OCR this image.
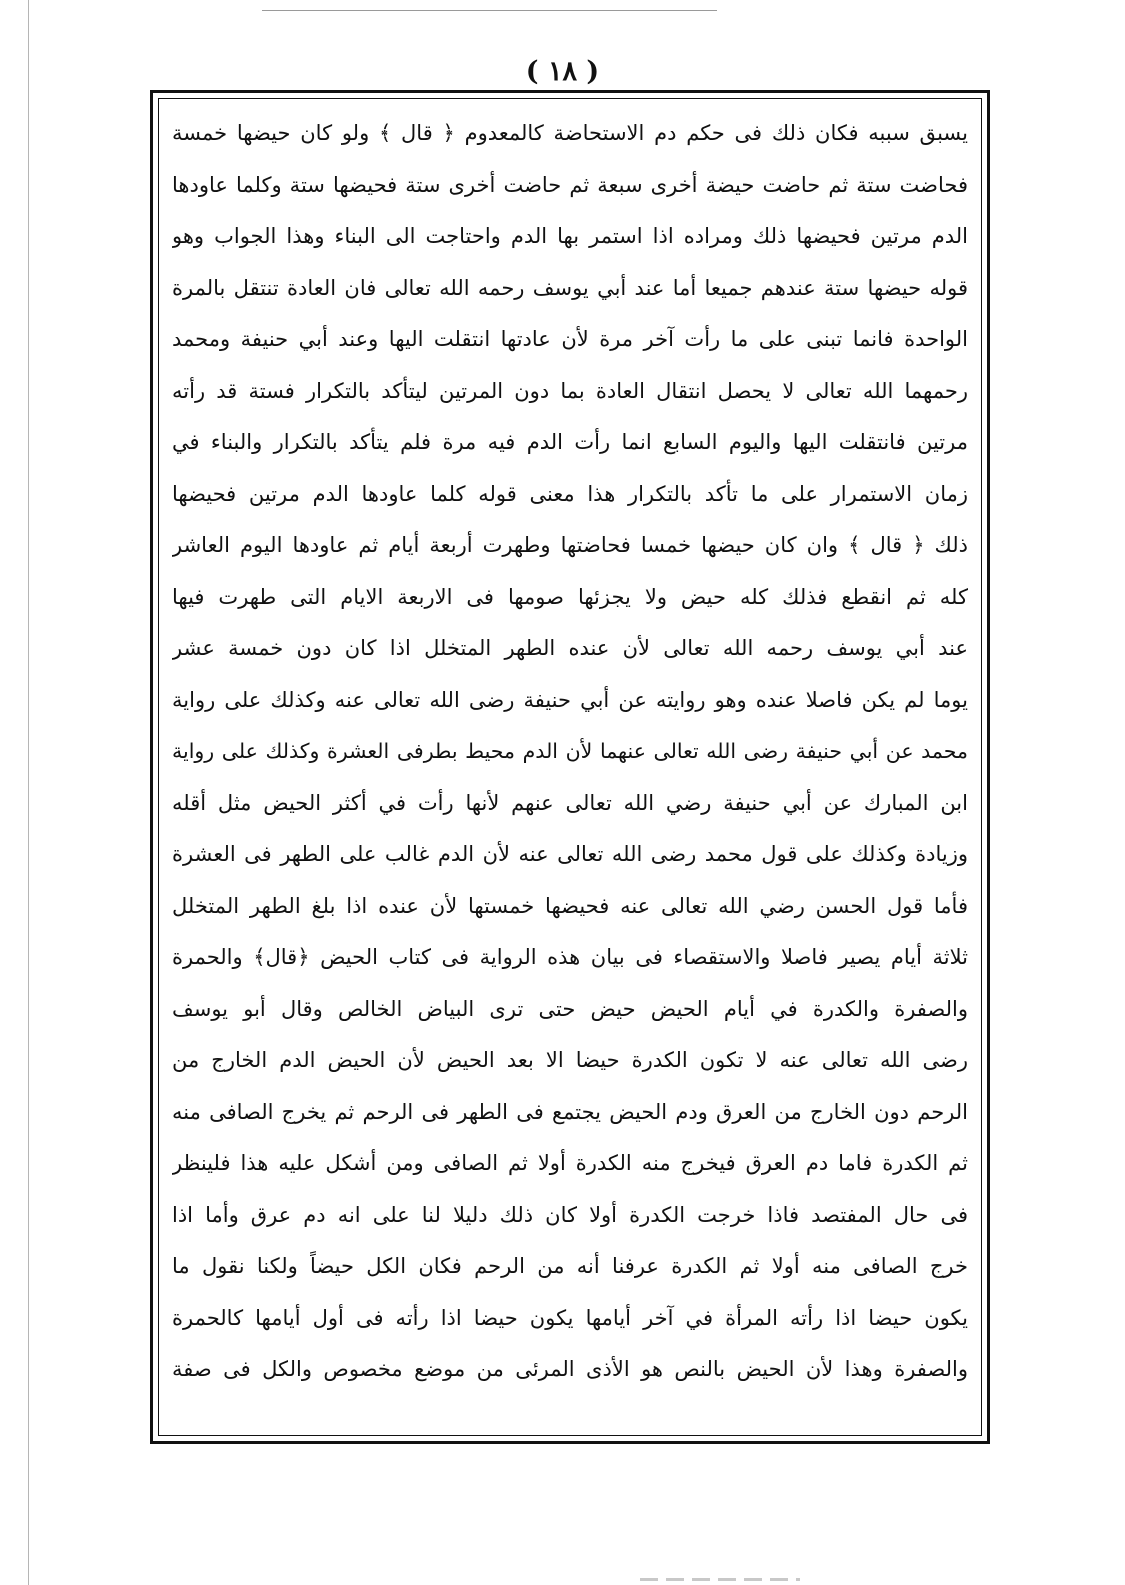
( ١٨ )
يسبق سببه فكان ذلك فى حكم دم الاستحاضة كالمعدوم ﴿ قال ﴾ ولو كان حيضها خمسة
فحاضت ستة ثم حاضت حيضة أخرى سبعة ثم حاضت أخرى ستة فحيضها ستة وكلما عاودها
الدم مرتين فحيضها ذلك ومراده اذا استمر بها الدم واحتاجت الى البناء وهذا الجواب وهو
قوله حيضها ستة عندهم جميعا أما عند أبي يوسف رحمه الله تعالى فان العادة تنتقل بالمرة
الواحدة فانما تبنى على ما رأت آخر مرة لأن عادتها انتقلت اليها وعند أبي حنيفة ومحمد
رحمهما الله تعالى لا يحصل انتقال العادة بما دون المرتين ليتأكد بالتكرار فستة قد رأته
مرتين فانتقلت اليها واليوم السابع انما رأت الدم فيه مرة فلم يتأكد بالتكرار والبناء في
زمان الاستمرار على ما تأكد بالتكرار هذا معنى قوله كلما عاودها الدم مرتين فحيضها
ذلك ﴿ قال ﴾ وان كان حيضها خمسا فحاضتها وطهرت أربعة أيام ثم عاودها اليوم العاشر
كله ثم انقطع فذلك كله حيض ولا يجزئها صومها فى الاربعة الايام التى طهرت فيها
عند أبي يوسف رحمه الله تعالى لأن عنده الطهر المتخلل اذا كان دون خمسة عشر
يوما لم يكن فاصلا عنده وهو روايته عن أبي حنيفة رضى الله تعالى عنه وكذلك على رواية
محمد عن أبي حنيفة رضى الله تعالى عنهما لأن الدم محيط بطرفى العشرة وكذلك على رواية
ابن المبارك عن أبي حنيفة رضي الله تعالى عنهم لأنها رأت في أكثر الحيض مثل أقله
وزيادة وكذلك على قول محمد رضى الله تعالى عنه لأن الدم غالب على الطهر فى العشرة
فأما قول الحسن رضي الله تعالى عنه فحيضها خمستها لأن عنده اذا بلغ الطهر المتخلل
ثلاثة أيام يصير فاصلا والاستقصاء فى بيان هذه الرواية فى كتاب الحيض ﴿قال﴾ والحمرة
والصفرة والكدرة في أيام الحيض حيض حتى ترى البياض الخالص وقال أبو يوسف
رضى الله تعالى عنه لا تكون الكدرة حيضا الا بعد الحيض لأن الحيض الدم الخارج من
الرحم دون الخارج من العرق ودم الحيض يجتمع فى الطهر فى الرحم ثم يخرج الصافى منه
ثم الكدرة فاما دم العرق فيخرج منه الكدرة أولا ثم الصافى ومن أشكل عليه هذا فلينظر
فى حال المفتصد فاذا خرجت الكدرة أولا كان ذلك دليلا لنا على انه دم عرق وأما اذا
خرج الصافى منه أولا ثم الكدرة عرفنا أنه من الرحم فكان الكل حيضاً ولكنا نقول ما
يكون حيضا اذا رأته المرأة في آخر أيامها يكون حيضا اذا رأته فى أول أيامها كالحمرة
والصفرة وهذا لأن الحيض بالنص هو الأذى المرئى من موضع مخصوص والكل فى صفة
